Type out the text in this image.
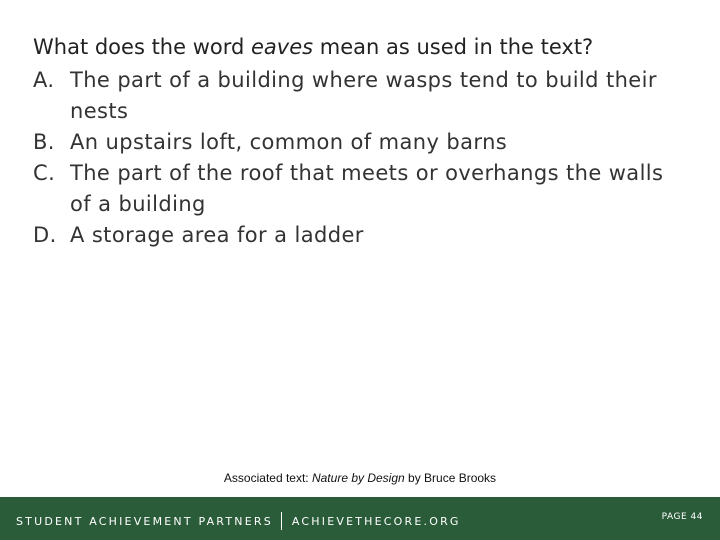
What does the word eaves mean as used in the text?
A. The part of a building where wasps tend to build their nests
B. An upstairs loft, common of many barns
C. The part of the roof that meets or overhangs the walls of a building
D. A storage area for a ladder
Associated text: Nature by Design by Bruce Brooks
STUDENT ACHIEVEMENT PARTNERS ACHIEVETHECORE.ORG	PAGE 44
